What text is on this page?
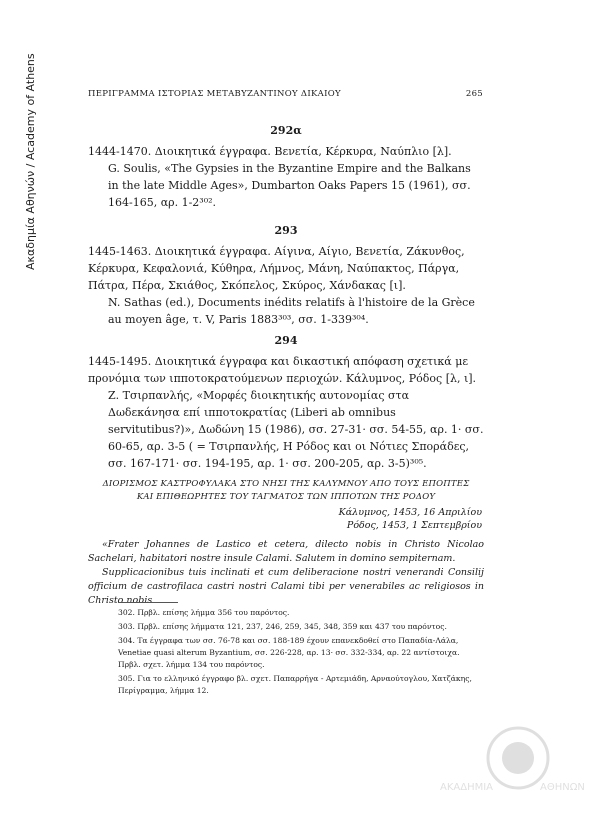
Ακαδημία Αθηνών / Academy of Athens	ΠΕΡΙΓΡΑΜΜΑ ΙΣΤΟΡΙΑΣ ΜΕΤΑΒΥΖΑΝΤΙΝΟΥ ΔΙΚΑΙΟΥ	265
292α

1444-1470. Διοικητικά έγγραφα. Βενετία, Κέρκυρα, Ναύπλιο [λ].

G. Soulis, «The Gypsies in the Byzantine Empire and the Balkans in the late Middle Ages», Dumbarton Oaks Papers 15 (1961), σσ. 164-165, αρ. 1-2³⁰².

293

1445-1463. Διοικητικά έγγραφα. Αίγινα, Αίγιο, Βενετία, Ζάκυνθος, Κέρκυρα, Κεφαλονιά, Κύθηρα, Λήμνος, Μάνη, Ναύπακτος, Πάργα, Πάτρα, Πέρα, Σκιάθος, Σκόπελος, Σκύρος, Χάνδακας [ι].

N. Sathas (ed.), Documents inédits relatifs à l'histoire de la Grèce au moyen âge, τ. V, Paris 1883³⁰³, σσ. 1-339³⁰⁴.

294

1445-1495. Διοικητικά έγγραφα και δικαστική απόφαση σχετικά με προνόμια των ιπποτοκρατούμενων περιοχών. Κάλυμνος, Ρόδος [λ, ι].

Ζ. Τσιρπανλής, «Μορφές διοικητικής αυτονομίας στα Δωδεκάνησα επί ιπποτοκρατίας (Liberi ab omnibus servitutibus?)», Δωδώνη 15 (1986), σσ. 27-31· σσ. 54-55, αρ. 1· σσ. 60-65, αρ. 3-5 ( = Τσιρπανλής, Η Ρόδος και οι Νότιες Σποράδες, σσ. 167-171· σσ. 194-195, αρ. 1· σσ. 200-205, αρ. 3-5)³⁰⁵.

ΔΙΟΡΙΣΜΟΣ ΚΑΣΤΡΟΦΥΛΑΚΑ ΣΤΟ ΝΗΣΙ ΤΗΣ ΚΑΛΥΜΝΟΥ ΑΠΟ ΤΟΥΣ ΕΠΟΠΤΕΣ
ΚΑΙ ΕΠΙΘΕΩΡΗΤΕΣ ΤΟΥ ΤΑΓΜΑΤΟΣ ΤΩΝ ΙΠΠΟΤΩΝ ΤΗΣ ΡΟΔΟΥ
Κάλυμνος, 1453, 16 Απριλίου
Ρόδος, 1453, 1 Σεπτεμβρίου

«Frater Johannes de Lastico et cetera, dilecto nobis in Christo Nicolao Sachelari, habitatori nostre insule Calami. Salutem in domino sempiternam.

Supplicacionibus tuis inclinati et cum deliberacione nostri venerandi Consilij officium de castrofilaca castri nostri Calami tibi per venerabiles ac religiosos in Christo nobis

302. Πρβλ. επίσης λήμμα 356 του παρόντος.

303. Πρβλ. επίσης λήμματα 121, 237, 246, 259, 345, 348, 359 και 437 του παρόντος.

304. Τα έγγραφα των σσ. 76-78 και σσ. 188-189 έχουν επανεκδοθεί στο Παπαδία-Λάλα, Venetiae quasi alterum Byzantium, σσ. 226-228, αρ. 13· σσ. 332-334, αρ. 22 αντίστοιχα. Πρβλ. σχετ. λήμμα 134 του παρόντος.

305. Για το ελληνικό έγγραφο βλ. σχετ. Παπαρρήγα - Αρτεμιάδη, Αρναούτογλου, Χατζάκης, Περίγραμμα, λήμμα 12.

ΑΚΑΔΗΜΙΑ	ΑΘΗΝΩΝ
